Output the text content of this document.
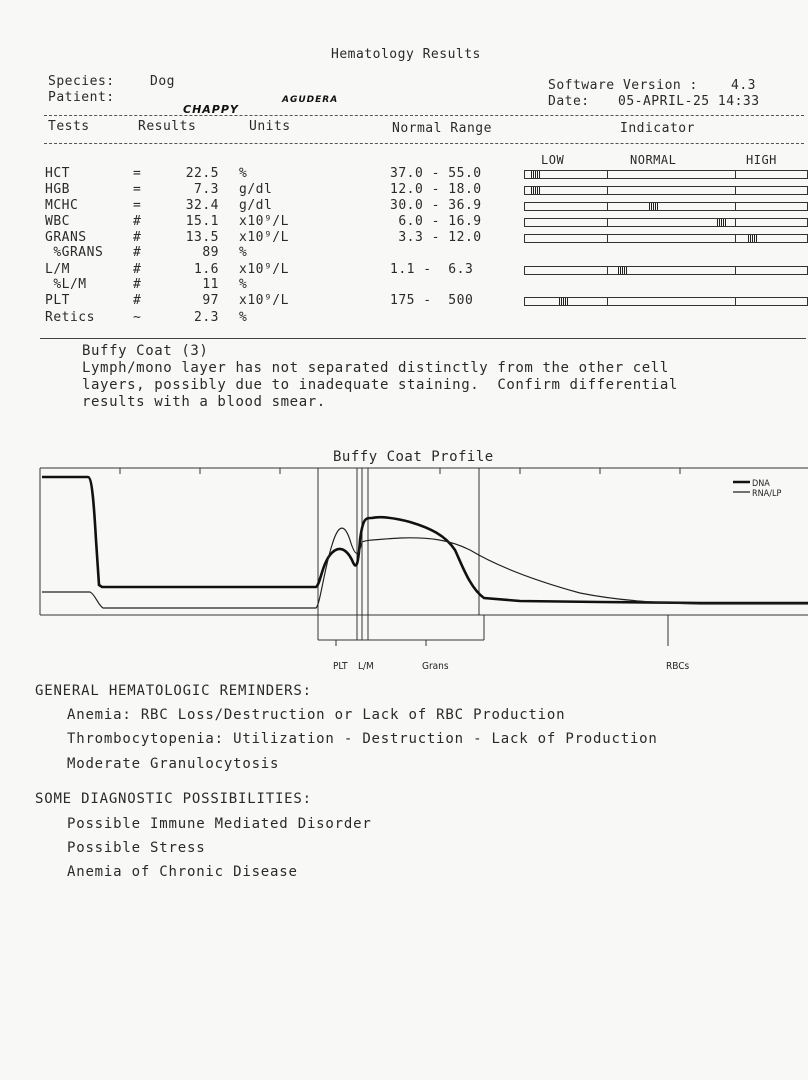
Hematology Results
Species:	Dog
Patient:
CHAPPY
AGUDERA
Software Version :	4.3
Date: 05-APRIL-25 14:33
Tests	Results	Units	Normal Range	Indicator
LOW	NORMAL	HIGH
HCT	=	22.5 %	37.0 - 55.0
HGB	=	7.3 g/dl	12.0 - 18.0
MCHC	=	32.4 g/dl	30.0 - 36.9
WBC	#	15.1 x10⁹/L	6.0 - 16.9
GRANS	#	13.5 x10⁹/L	3.3 - 12.0
%GRANS #	89 %
L/M	#	1.6 x10⁹/L	1.1 -  6.3
%L/M	#	11 %
PLT	#	97 x10⁹/L	175 -  500
Retics	~	2.3 %
Buffy Coat (3)
Lymph/mono layer has not separated distinctly from the other cell
layers, possibly due to inadequate staining.  Confirm differential
results with a blood smear.
Buffy Coat Profile
DNA
RNA/LP
PLT L/M	Grans	RBCs
GENERAL HEMATOLOGIC REMINDERS:
Anemia: RBC Loss/Destruction or Lack of RBC Production
Thrombocytopenia: Utilization - Destruction - Lack of Production
Moderate Granulocytosis
SOME DIAGNOSTIC POSSIBILITIES:
Possible Immune Mediated Disorder
Possible Stress
Anemia of Chronic Disease
